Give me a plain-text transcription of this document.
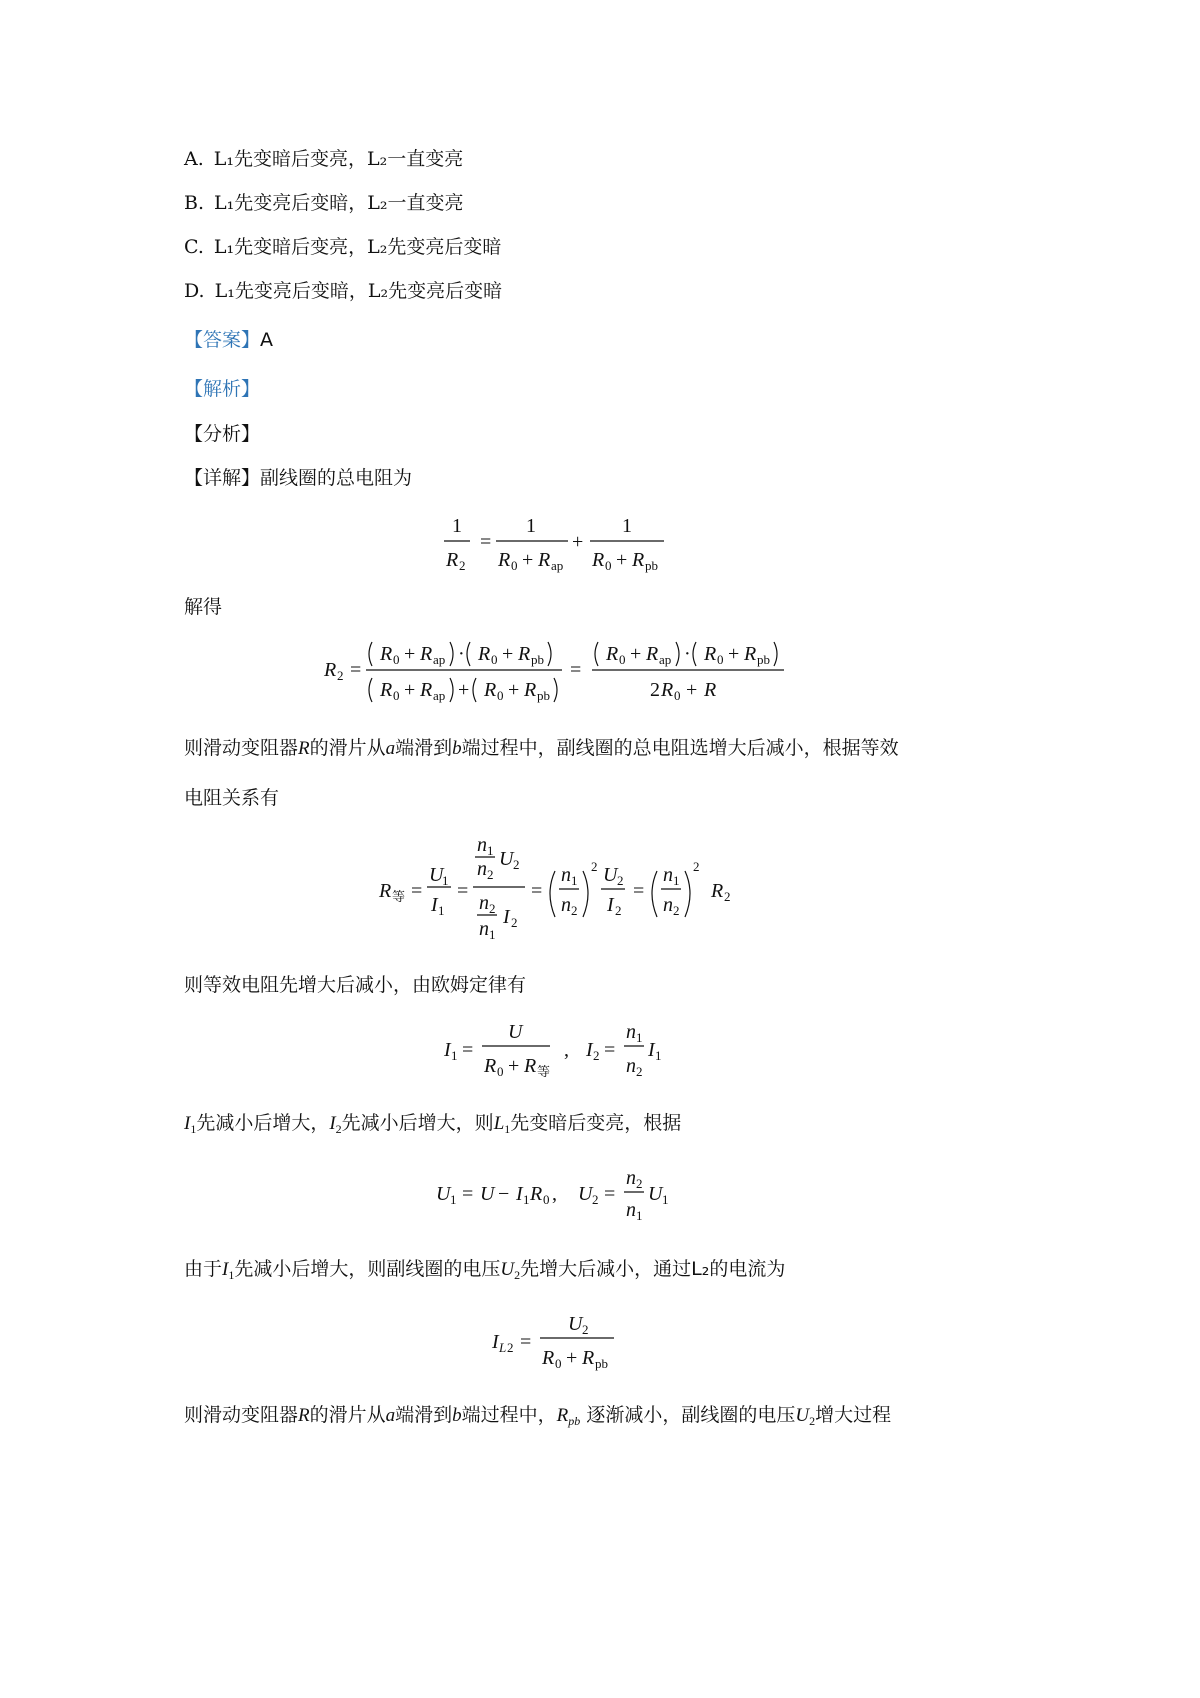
A. L₁先变暗后变亮，L₂一直变亮
B. L₁先变亮后变暗，L₂一直变亮
C. L₁先变暗后变亮，L₂先变亮后变暗
D. L₁先变亮后变暗，L₂先变亮后变暗
【答案】A
【解析】
【分析】
【详解】副线圈的总电阻为
1
R 2
=
1
R 0 + R ap
+
1
R 0 + R pb
解得
R 2 =
R 0 + R ap · R 0 + R pb
R 0 + R ap + R 0 + R pb
=
R 0 + R ap · R 0 + R pb
2 R 0 + R
则滑动变阻器R的滑片从a端滑到b端过程中，副线圈的总电阻选增大后减小，根据等效
电阻关系有
R 等 =
U
1
I 1
=
n 1
n 2
U 2
n 2
n 1
I 2
=
n 1
n 2
2 U 2
I 2
=
n 1
n 2
2
R 2
则等效电阻先增大后减小，由欧姆定律有
I 1 =
U
R 0 + R 等
, I 2 =
n 1
n 2
I 1
$I_1$先减小后增大，$I_2$先减小后增大，则$L_1$先变暗后变亮，根据
U 1 = U − I 1 R 0 , U 2 =
n 2
n 1
U 1
由于$I_1$先减小后增大，则副线圈的电压$U_2$先增大后减小，通过L₂的电流为
I L 2 =
U 2
R 0 + R pb
则滑动变阻器R的滑片从a端滑到b端过程中，$R_{pb}$ 逐渐减小，副线圈的电压$U_2$增大过程
